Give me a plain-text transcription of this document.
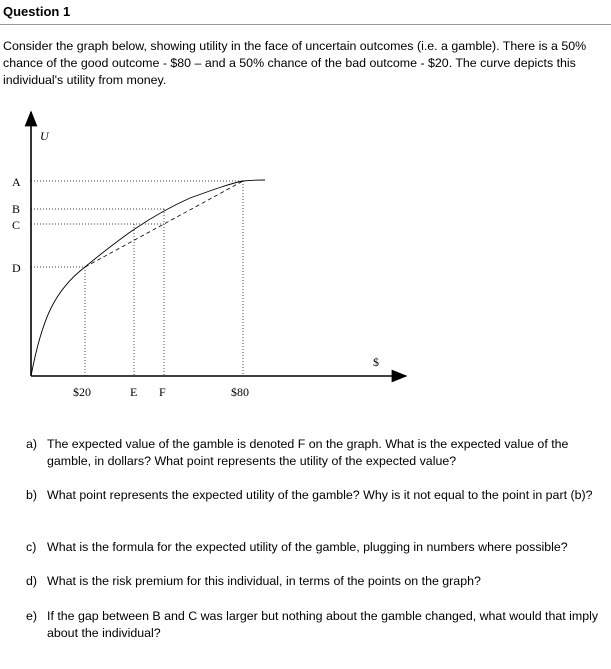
Question 1
Consider the graph below, showing utility in the face of uncertain outcomes (i.e. a gamble). There is a 50% chance of the good outcome - $80 – and a 50% chance of the bad outcome - $20. The curve depicts this individual's utility from money.
U
$
A
B
C
D
$20	E F	$80
a) The expected value of the gamble is denoted F on the graph. What is the expected value of the gamble, in dollars? What point represents the utility of the expected value?
b) What point represents the expected utility of the gamble? Why is it not equal to the point in part (b)?
c) What is the formula for the expected utility of the gamble, plugging in numbers where possible?
d) What is the risk premium for this individual, in terms of the points on the graph?
e) If the gap between B and C was larger but nothing about the gamble changed, what would that imply about the individual?
